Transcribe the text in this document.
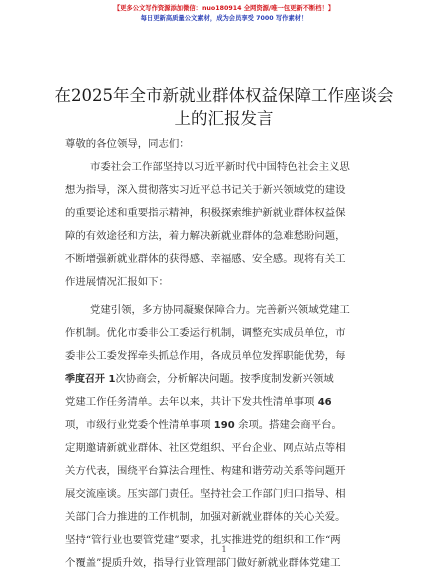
【更多公文写作资源添加微信：nuo180914 全网资源/唯一包更新不断档！】
每日更新高质量公文素材，成为会员享受 7000 写作素材！
在2025年全市新就业群体权益保障工作座谈会
上的汇报发言
尊敬的各位领导，同志们：
市委社会工作部坚持以习近平新时代中国特色社会主义思
想为指导，深入贯彻落实习近平总书记关于新兴领域党的建设
的重要论述和重要指示精神，积极探索维护新就业群体权益保
障的有效途径和方法，着力解决新就业群体的急难愁盼问题，
不断增强新就业群体的获得感、幸福感、安全感。现将有关工
作进展情况汇报如下：
党建引领，多方协同凝聚保障合力。完善新兴领域党建工
作机制。优化市委非公工委运行机制，调整充实成员单位，市
委非公工委发挥牵头抓总作用，各成员单位发挥职能优势，每
季度召开 1次协商会，分析解决问题。按季度制发新兴领域
党建工作任务清单。去年以来，共计下发共性清单事项 46
项，市级行业党委个性清单事项 190 余项。搭建会商平台。
定期邀请新就业群体、社区党组织、平台企业、网点站点等相
关方代表，围绕平台算法合理性、构建和谐劳动关系等问题开
展交流座谈。压实部门责任。坚持社会工作部门归口指导、相
关部门合力推进的工作机制，加强对新就业群体的关心关爱。
坚持“管行业也要管党建”要求，扎实推进党的组织和工作“两
个覆盖”提质升效，指导行业管理部门做好新就业群体党建工
1
